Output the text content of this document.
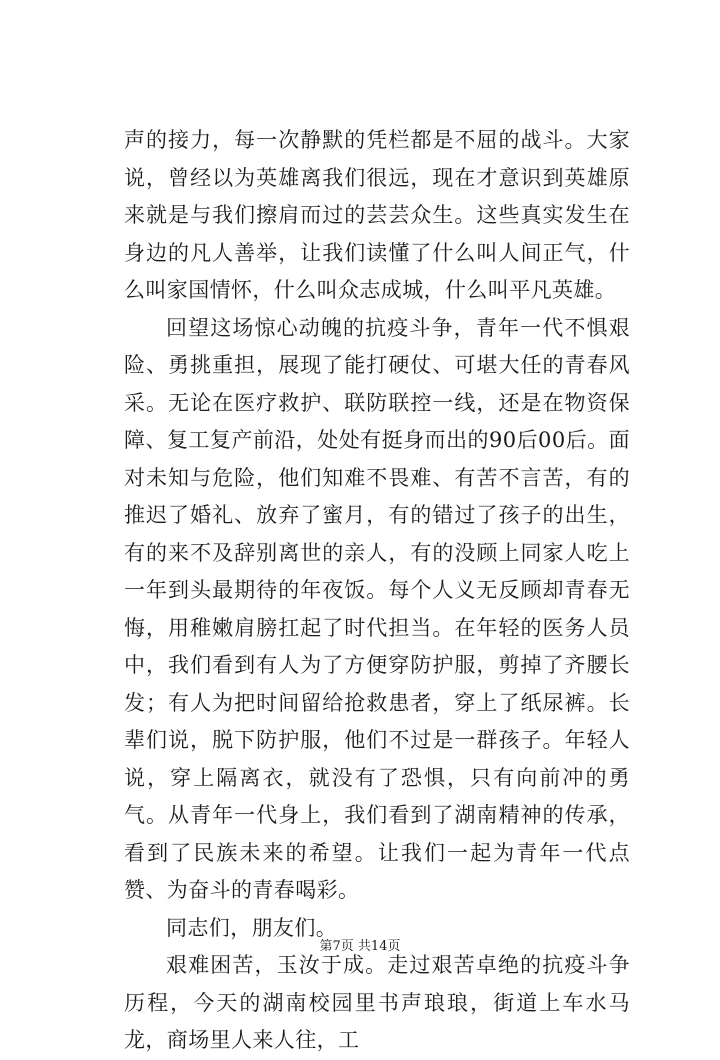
声的接力，每一次静默的凭栏都是不屈的战斗。大家说，曾经以为英雄离我们很远，现在才意识到英雄原来就是与我们擦肩而过的芸芸众生。这些真实发生在身边的凡人善举，让我们读懂了什么叫人间正气，什么叫家国情怀，什么叫众志成城，什么叫平凡英雄。

回望这场惊心动魄的抗疫斗争，青年一代不惧艰险、勇挑重担，展现了能打硬仗、可堪大任的青春风采。无论在医疗救护、联防联控一线，还是在物资保障、复工复产前沿，处处有挺身而出的90后00后。面对未知与危险，他们知难不畏难、有苦不言苦，有的推迟了婚礼、放弃了蜜月，有的错过了孩子的出生，有的来不及辞别离世的亲人，有的没顾上同家人吃上一年到头最期待的年夜饭。每个人义无反顾却青春无悔，用稚嫩肩膀扛起了时代担当。在年轻的医务人员中，我们看到有人为了方便穿防护服，剪掉了齐腰长发；有人为把时间留给抢救患者，穿上了纸尿裤。长辈们说，脱下防护服，他们不过是一群孩子。年轻人说，穿上隔离衣，就没有了恐惧，只有向前冲的勇气。从青年一代身上，我们看到了湖南精神的传承，看到了民族未来的希望。让我们一起为青年一代点赞、为奋斗的青春喝彩。

同志们，朋友们。

艰难困苦，玉汝于成。走过艰苦卓绝的抗疫斗争历程，今天的湖南校园里书声琅琅，街道上车水马龙，商场里人来人往，工

第7页 共14页
